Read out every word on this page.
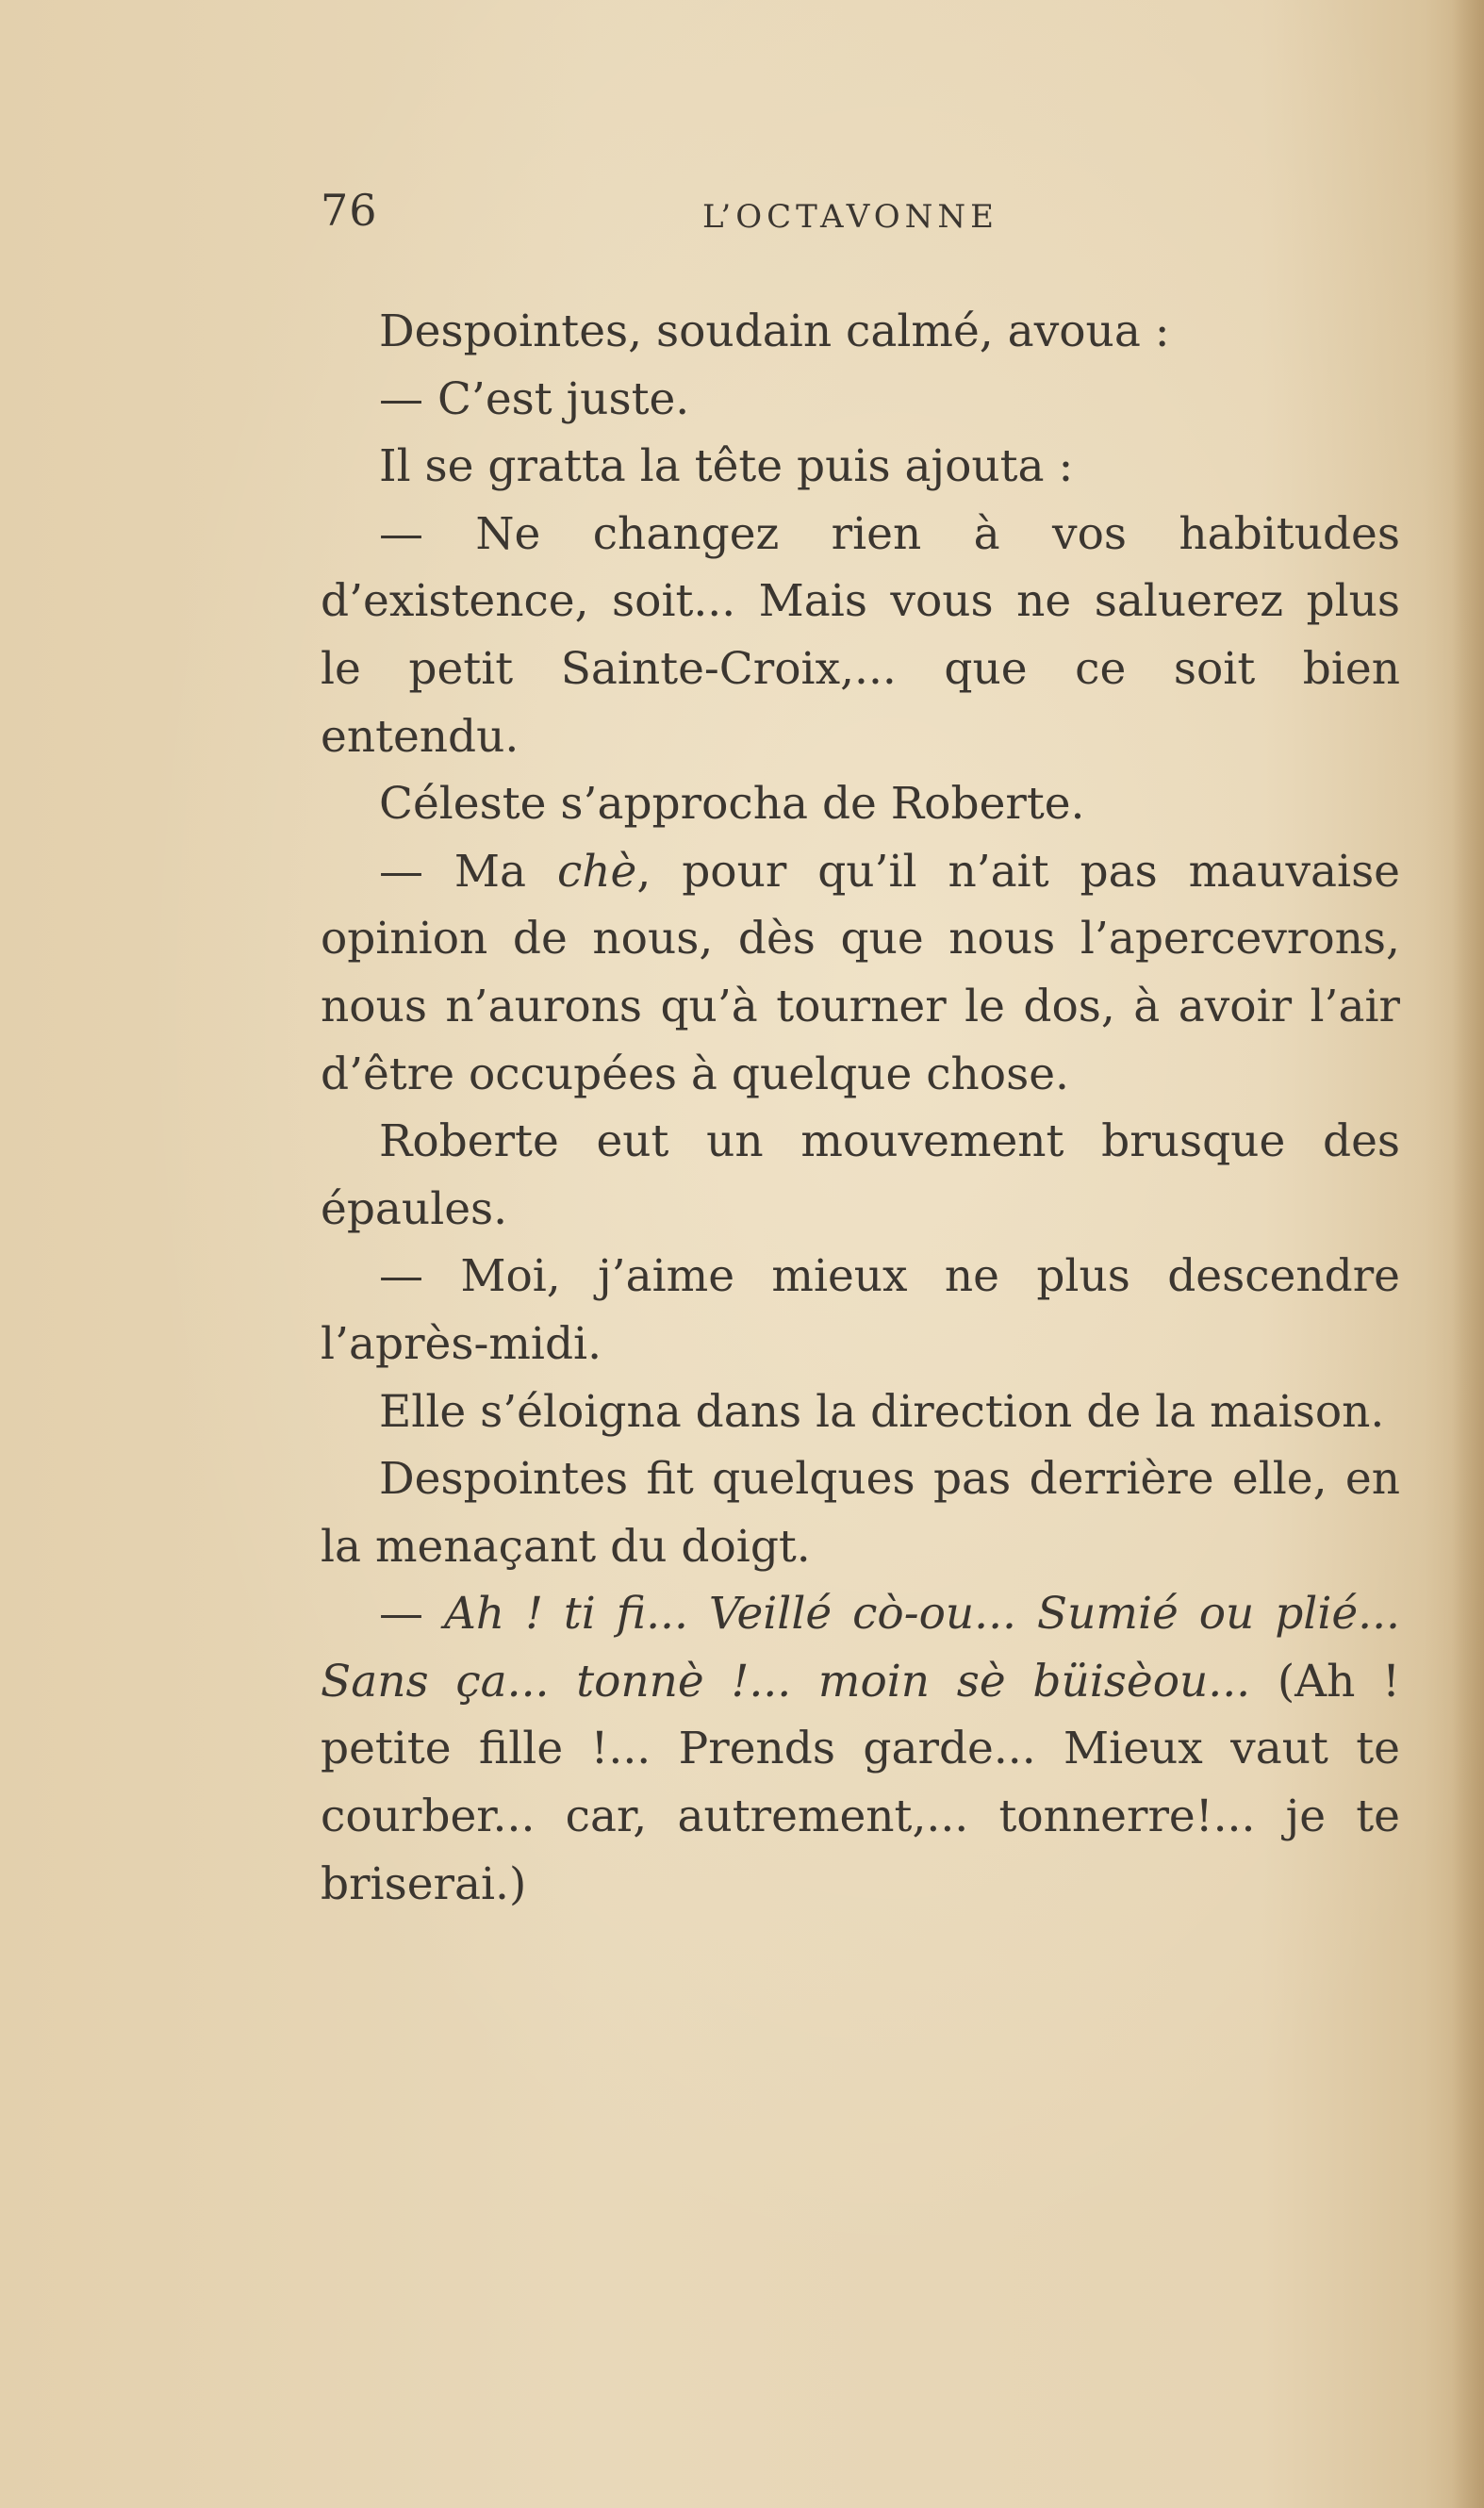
76	L’OCTAVONNE

Despointes, soudain calmé, avoua :

— C’est juste.

Il se gratta la tête puis ajouta :

— Ne changez rien à vos habitudes d’existence, soit... Mais vous ne saluerez plus le petit Sainte-Croix,... que ce soit bien entendu.

Céleste s’approcha de Roberte.

— Ma chè, pour qu’il n’ait pas mauvaise opinion de nous, dès que nous l’apercevrons, nous n’aurons qu’à tourner le dos, à avoir l’air d’être occupées à quelque chose.

Roberte eut un mouvement brusque des épaules.

— Moi, j’aime mieux ne plus descendre l’après-midi.

Elle s’éloigna dans la direction de la maison.

Despointes fit quelques pas derrière elle, en la menaçant du doigt.

— Ah ! ti fi... Veillé cò-ou... Sumié ou plié... Sans ça... tonnè !... moin sè büisèou... (Ah ! petite fille !... Prends garde... Mieux vaut te courber... car, autrement,... tonnerre!... je te briserai.)
